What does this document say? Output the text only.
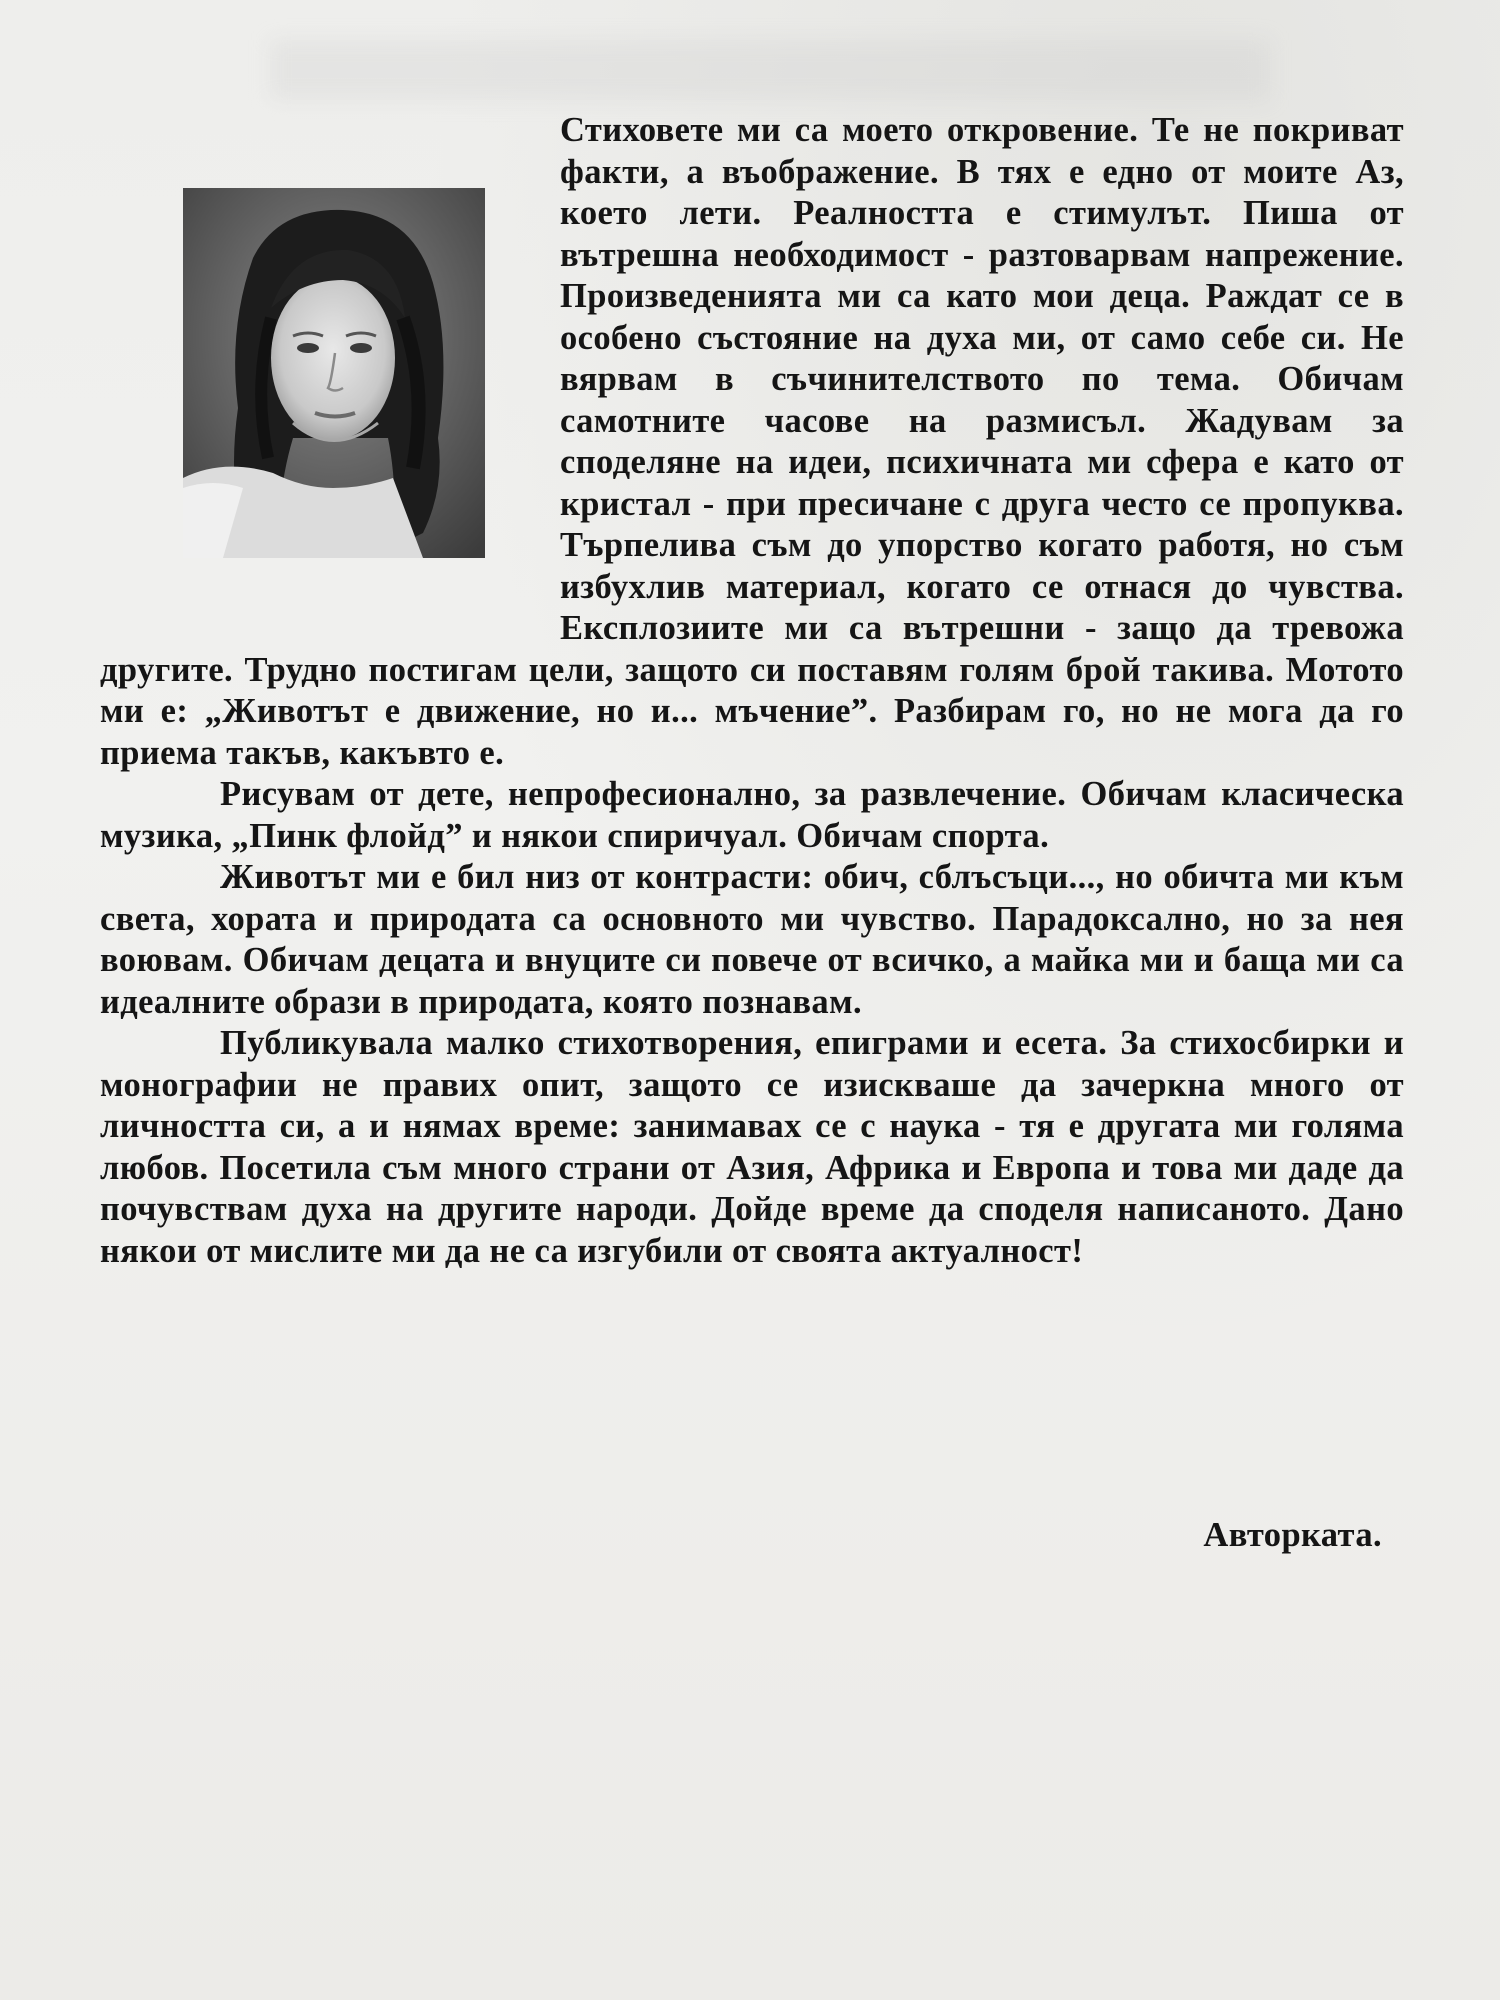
Стиховете ми са моето откровение. Те не покриват факти, а въображение. В тях е едно от моите Аз, което лети. Реалността е стимулът. Пиша от вътрешна необходимост - разтоварвам напрежение. Произведенията ми са като мои деца. Раждат се в особено състояние на духа ми, от само себе си. Не вярвам в съчинителството по тема. Обичам самотните часове на размисъл. Жадувам за споделяне на идеи, психичната ми сфера е като от кристал - при пресичане с друга често се пропуква. Търпелива съм до упорство когато работя, но съм избухлив материал, когато се отнася до чувства. Експлозиите ми са вътрешни - защо да тревожа другите. Трудно постигам цели, защото си поставям голям брой такива. Мотото ми е: „Животът е движение, но и... мъчение”. Разбирам го, но не мога да го приема такъв, какъвто е.

Рисувам от дете, непрофесионално, за развлечение. Обичам класическа музика, „Пинк флойд” и някои спиричуал. Обичам спорта.

Животът ми е бил низ от контрасти: обич, сблъсъци..., но обичта ми към света, хората и природата са основното ми чувство. Парадоксално, но за нея воювам. Обичам децата и внуците си повече от всичко, а майка ми и баща ми са идеалните образи в природата, която познавам.

Публикувала малко стихотворения, епиграми и есета. За стихосбирки и монографии не правих опит, защото се изискваше да зачеркна много от личността си, а и нямах време: занимавах се с наука - тя е другата ми голяма любов. Посетила съм много страни от Азия, Африка и Европа и това ми даде да почувствам духа на другите народи. Дойде време да споделя написаното. Дано някои от мислите ми да не са изгубили от своята актуалност!

Авторката.
